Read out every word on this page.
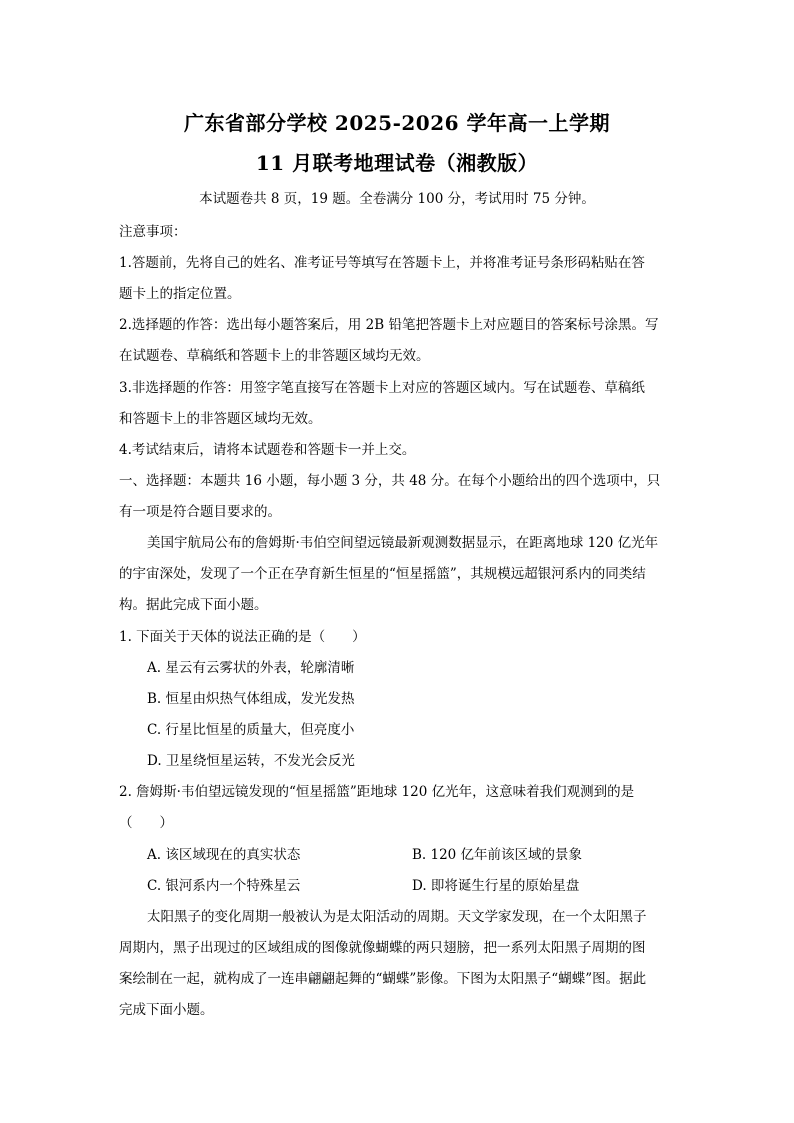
广东省部分学校 2025-2026 学年高一上学期
11 月联考地理试卷（湘教版）
本试题卷共 8 页，19 题。全卷满分 100 分，考试用时 75 分钟。
注意事项：
1.答题前，先将自己的姓名、准考证号等填写在答题卡上，并将准考证号条形码粘贴在答
题卡上的指定位置。
2.选择题的作答：选出每小题答案后，用 2B 铅笔把答题卡上对应题目的答案标号涂黑。写
在试题卷、草稿纸和答题卡上的非答题区域均无效。
3.非选择题的作答：用签字笔直接写在答题卡上对应的答题区域内。写在试题卷、草稿纸
和答题卡上的非答题区域均无效。
4.考试结束后，请将本试题卷和答题卡一并上交。
一、选择题：本题共 16 小题，每小题 3 分，共 48 分。在每个小题给出的四个选项中，只
有一项是符合题目要求的。
美国宇航局公布的詹姆斯·韦伯空间望远镜最新观测数据显示，在距离地球 120 亿光年
的宇宙深处，发现了一个正在孕育新生恒星的“恒星摇篮”，其规模远超银河系内的同类结
构。据此完成下面小题。
1. 下面关于天体的说法正确的是（　　）
A. 星云有云雾状的外表，轮廓清晰
B. 恒星由炽热气体组成，发光发热
C. 行星比恒星的质量大，但亮度小
D. 卫星绕恒星运转，不发光会反光
2. 詹姆斯·韦伯望远镜发现的“恒星摇篮”距地球 120 亿光年，这意味着我们观测到的是
（　　）
A. 该区域现在的真实状态	B. 120 亿年前该区域的景象
C. 银河系内一个特殊星云	D. 即将诞生行星的原始星盘
太阳黑子的变化周期一般被认为是太阳活动的周期。天文学家发现，在一个太阳黑子
周期内，黑子出现过的区域组成的图像就像蝴蝶的两只翅膀，把一系列太阳黑子周期的图
案绘制在一起，就构成了一连串翩翩起舞的“蝴蝶”影像。下图为太阳黑子“蝴蝶”图。据此
完成下面小题。
